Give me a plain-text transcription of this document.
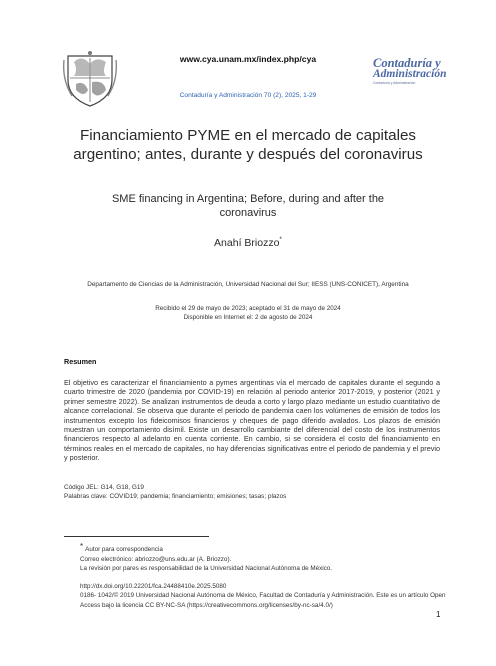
www.cya.unam.mx/index.php/cya	Contaduría y
Administración
Contaduría y Administración
Contaduría y Administración 70 (2), 2025, 1-29
Financiamiento PYME en el mercado de capitales argentino; antes, durante y después del coronavirus
SME financing in Argentina; Before, during and after the coronavirus
Anahí Briozzo*
Departamento de Ciencias de la Administración, Universidad Nacional del Sur; IIESS (UNS-CONICET), Argentina
Recibido el 29 de mayo de 2023; aceptado el 31 de mayo de 2024
Disponible en Internet el: 2 de agosto de 2024
Resumen
El objetivo es caracterizar el financiamiento a pymes argentinas vía el mercado de capitales durante el segundo a cuarto trimestre de 2020 (pandemia por COVID-19) en relación al periodo anterior 2017-2019, y posterior (2021 y primer semestre 2022). Se analizan instrumentos de deuda a corto y largo plazo mediante un estudio cuantitativo de alcance correlacional. Se observa que durante el periodo de pandemia caen los volúmenes de emisión de todos los instrumentos excepto los fideicomisos financieros y cheques de pago diferido avalados. Los plazos de emisión muestran un comportamiento disímil. Existe un desarrollo cambiante del diferencial del costo de los instrumentos financieros respecto al adelanto en cuenta corriente. En cambio, si se considera el costo del financiamiento en términos reales en el mercado de capitales, no hay diferencias significativas entre el periodo de pandemia y el previo y posterior.
Código JEL: G14, G18, G19
Palabras clave: COVID19; pandemia; financiamiento; emisiones; tasas; plazos
* Autor para correspondencia
Correo electrónico: abriozzo@uns.edu.ar (A. Briozzo).
La revisión por pares es responsabilidad de la Universidad Nacional Autónoma de México.
http://dx.doi.org/10.22201/fca.24488410e.2025.5080
0186- 1042/© 2019 Universidad Nacional Autónoma de México, Facultad de Contaduría y Administración. Este es un artículo Open Access bajo la licencia CC BY-NC-SA (https://creativecommons.org/licenses/by-nc-sa/4.0/)
1
